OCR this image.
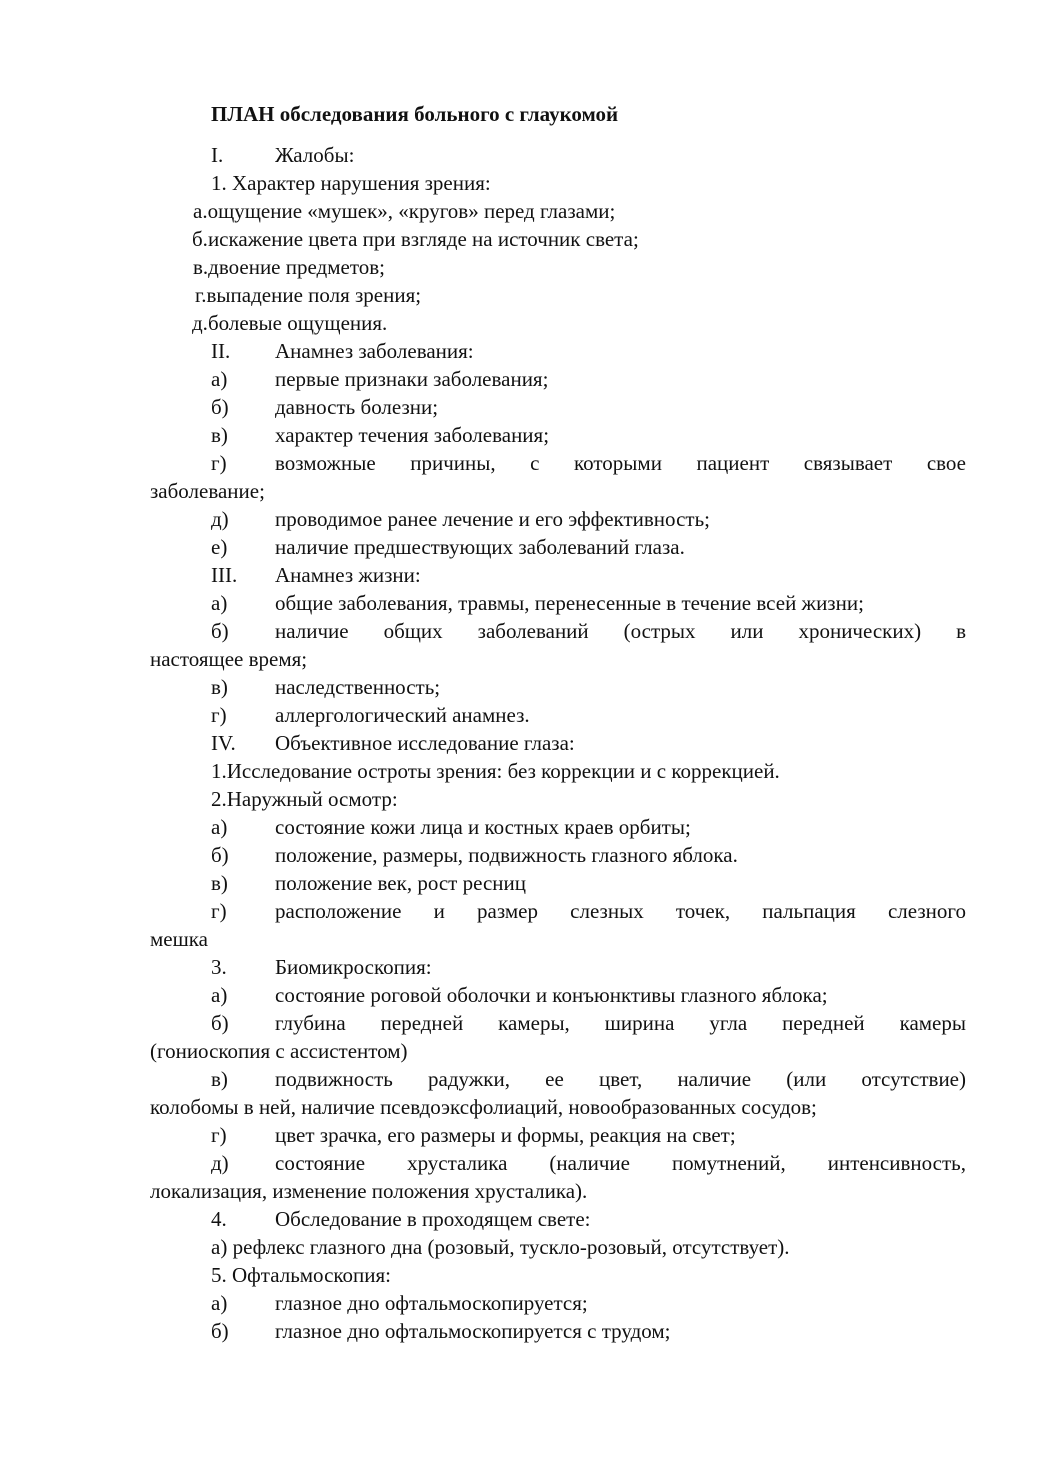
ПЛАН обследования больного с глаукомой
I. Жалобы:
1. Характер нарушения зрения:
а.ощущение «мушек», «кругов» перед глазами;
б.искажение цвета при взгляде на источник света;
в.двоение предметов;
г.выпадение поля зрения;
д.болевые ощущения.
II. Анамнез заболевания:
а) первые признаки заболевания;
б) давность болезни;
в) характер течения заболевания;
г) возможные причины, с которыми пациент связывает свое
заболевание;
д) проводимое ранее лечение и его эффективность;
е) наличие предшествующих заболеваний глаза.
III. Анамнез жизни:
а) общие заболевания, травмы, перенесенные в течение всей жизни;
б) наличие общих заболеваний (острых или хронических) в
настоящее время;
в) наследственность;
г) аллергологический анамнез.
IV. Объективное исследование глаза:
1.Исследование остроты зрения: без коррекции и с коррекцией.
2.Наружный осмотр:
а) состояние кожи лица и костных краев орбиты;
б) положение, размеры, подвижность глазного яблока.
в) положение век, рост ресниц
г) расположение и размер слезных точек, пальпация слезного
мешка
3. Биомикроскопия:
а) состояние роговой оболочки и конъюнктивы глазного яблока;
б) глубина передней камеры, ширина угла передней камеры
(гониоскопия с ассистентом)
в) подвижность радужки, ее цвет, наличие (или отсутствие)
колобомы в ней, наличие псевдоэксфолиаций, новообразованных сосудов;
г) цвет зрачка, его размеры и формы, реакция на свет;
д) состояние хрусталика (наличие помутнений, интенсивность,
локализация, изменение положения хрусталика).
4. Обследование в проходящем свете:
а) рефлекс глазного дна (розовый, тускло-розовый, отсутствует).
5. Офтальмоскопия:
а) глазное дно офтальмоскопируется;
б) глазное дно офтальмоскопируется с трудом;
